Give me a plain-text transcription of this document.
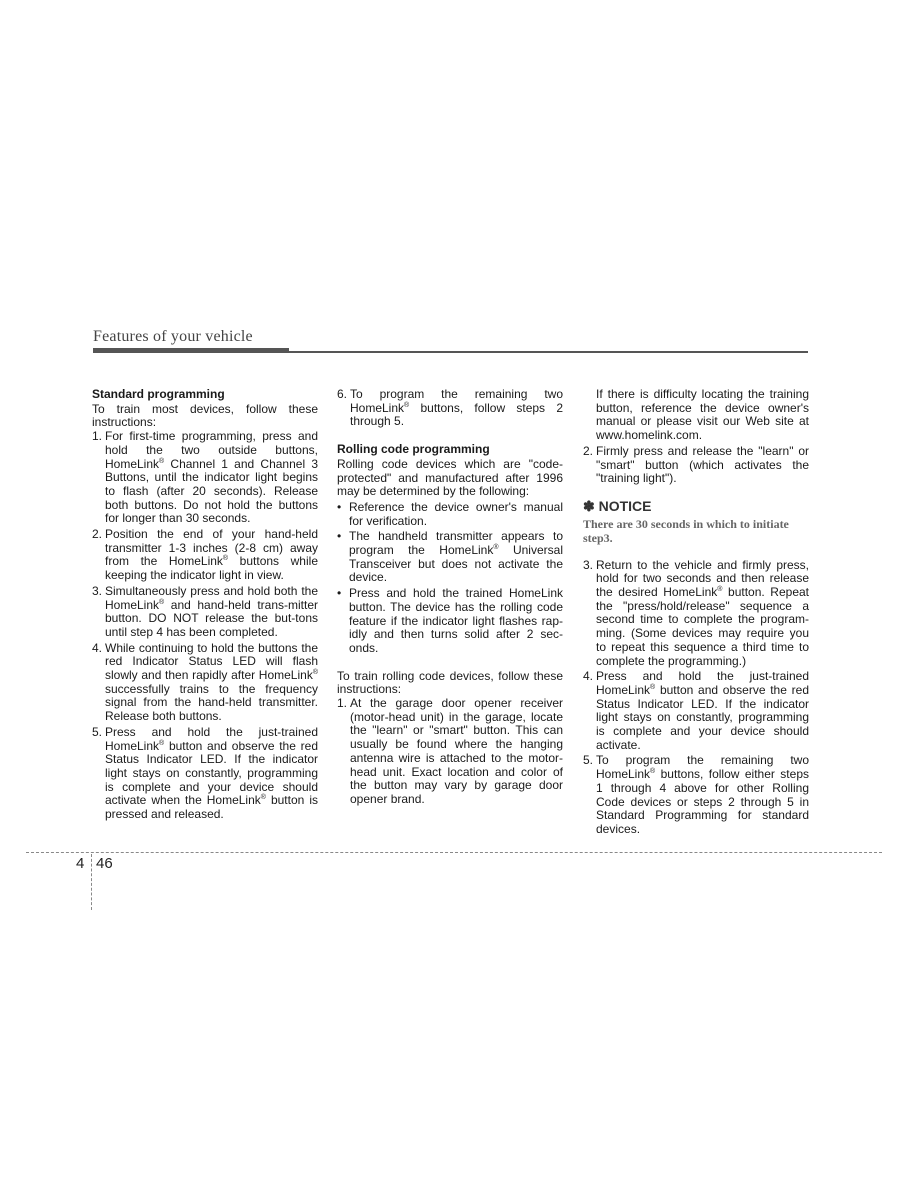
Features of your vehicle

Standard programming

To train most devices, follow these instructions:

1. For first-time programming, press and hold the two outside buttons, HomeLink® Channel 1 and Channel 3 Buttons, until the indicator light begins to flash (after 20 seconds). Release both buttons. Do not hold the buttons for longer than 30 seconds.
2. Position the end of your hand-held transmitter 1-3 inches (2-8 cm) away from the HomeLink® buttons while keeping the indicator light in view.
3. Simultaneously press and hold both the HomeLink® and hand-held trans-mitter button. DO NOT release the but-tons until step 4 has been completed.
4. While continuing to hold the buttons the red Indicator Status LED will flash slowly and then rapidly after HomeLink® successfully trains to the frequency signal from the hand-held transmitter. Release both buttons.
5. Press and hold the just-trained HomeLink® button and observe the red Status Indicator LED. If the indicator light stays on constantly, programming is complete and your device should activate when the HomeLink® button is pressed and released.
6. To program the remaining two HomeLink® buttons, follow steps 2 through 5.

Rolling code programming

Rolling code devices which are "code-protected" and manufactured after 1996 may be determined by the following:

• Reference the device owner's manual for verification.
• The handheld transmitter appears to program the HomeLink® Universal Transceiver but does not activate the device.
• Press and hold the trained HomeLink button. The device has the rolling code feature if the indicator light flashes rap-idly and then turns solid after 2 sec-onds.

To train rolling code devices, follow these instructions:

1. At the garage door opener receiver (motor-head unit) in the garage, locate the "learn" or "smart" button. This can usually be found where the hanging antenna wire is attached to the motor-head unit. Exact location and color of the button may vary by garage door opener brand.

If there is difficulty locating the training button, reference the device owner's manual or please visit our Web site at www.homelink.com.

2. Firmly press and release the "learn" or "smart" button (which activates the "training light").

✽ NOTICE

There are 30 seconds in which to initiate step3.

3. Return to the vehicle and firmly press, hold for two seconds and then release the desired HomeLink® button. Repeat the "press/hold/release" sequence a second time to complete the program-ming. (Some devices may require you to repeat this sequence a third time to complete the programming.)
4. Press and hold the just-trained HomeLink® button and observe the red Status Indicator LED. If the indicator light stays on constantly, programming is complete and your device should activate.
5. To program the remaining two HomeLink® buttons, follow either steps 1 through 4 above for other Rolling Code devices or steps 2 through 5 in Standard Programming for standard devices.
4 46
